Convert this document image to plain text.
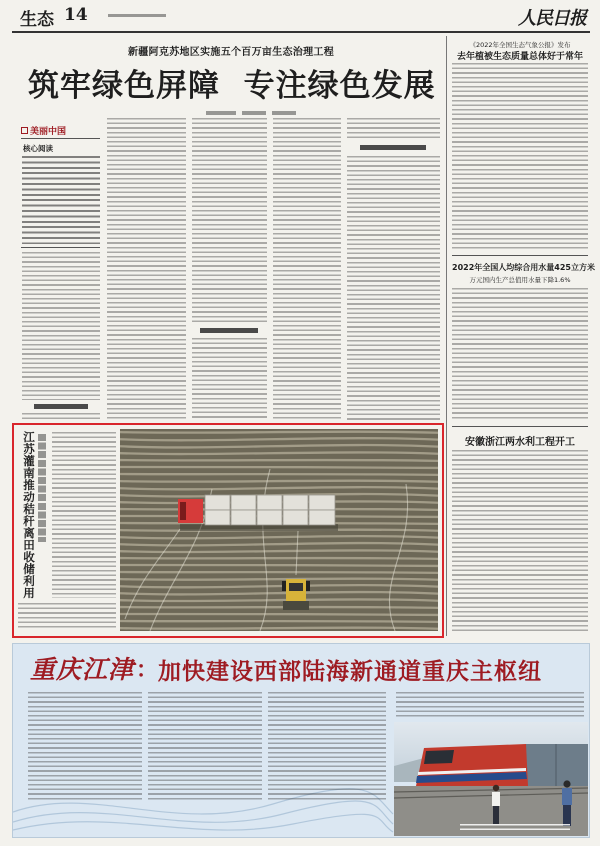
生态 14	人民日报
新疆阿克苏地区实施五个百万亩生态治理工程
筑牢绿色屏障  专注绿色发展
美丽中国
核心阅读
《2022年全国生态气象公报》发布
去年植被生态质量总体好于常年
2022年全国人均综合用水量425立方米
万元国内生产总值用水量下降1.6%
安徽浙江两水利工程开工
江苏灌南推动秸秆离田收储利用
重庆江津 ： 加快建设西部陆海新通道重庆主枢纽
